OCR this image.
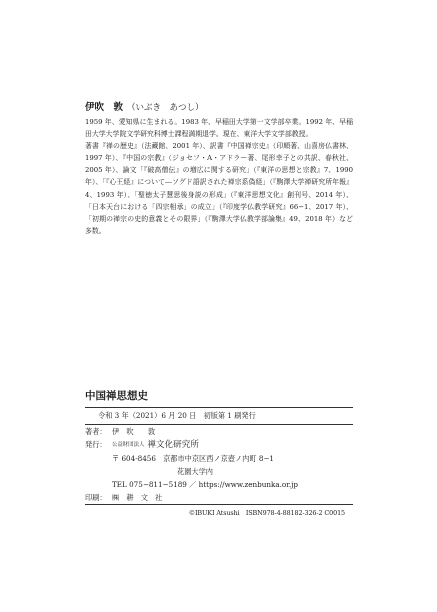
伊吹　敦 （いぶき　あつし）

1959 年、愛知県に生まれる。1983 年、早稲田大学第一文学部卒業。1992 年、早稲田大学大学院文学研究科博士課程満期退学。現在、東洋大学文学部教授。

著書『禅の歴史』（法藏館、2001 年）、訳書『中国禅宗史』（印順著、山喜房仏書林、1997 年）、『中国の宗教』（ジョセフ・A・アドラー著、尾形幸子との共訳、春秋社、2005 年）、論文「『破高僧伝』の増広に関する研究」（『東洋の思想と宗教』7、1990 年）、「『心王経』について―ソグド語訳された禅宗系偽経」（『駒澤大学禅研究所年報』4、1993 年）、「聖徳太子慧思後身説の形成」（『東洋思想文化』創刊号、2014 年）、「日本天台における「四宗相承」の成立」（『印度学仏教学研究』66−1、2017 年）、「初期の禅宗の史的意義とその限界」（『駒澤大学仏教学部論集』49、2018 年）など多数。

中国禅思想史
令和 3 年（2021）6 月 20 日　初版第 1 刷発行
著者： 伊　吹　　敦
発行：	公益財団法人 禅文化研究所
〒 604-8456　京都市中京区西ノ京壺ノ内町 8−1
花園大学内
TEL 075−811−5189 ／ https://www.zenbunka.or.jp
印刷： ㈱　耕　文　社
©IBUKI Atsushi　ISBN978-4-88182-326-2 C0015
